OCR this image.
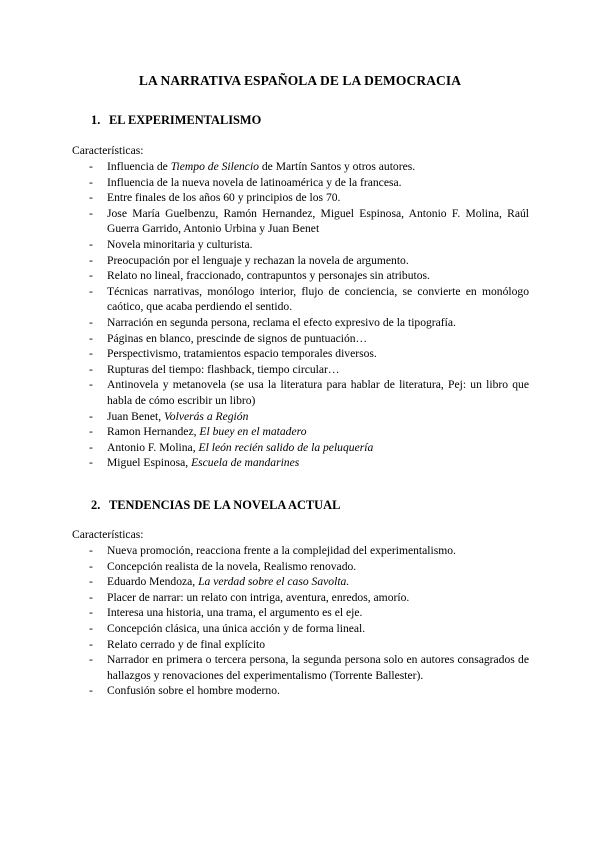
LA NARRATIVA ESPAÑOLA DE LA DEMOCRACIA
1. EL EXPERIMENTALISMO
Características:
- Influencia de Tiempo de Silencio de Martín Santos y otros autores.
- Influencia de la nueva novela de latinoamérica y de la francesa.
- Entre finales de los años 60 y principios de los 70.
- Jose María Guelbenzu, Ramón Hernandez, Miguel Espinosa, Antonio F. Molina, Raúl Guerra Garrido, Antonio Urbina y Juan Benet
- Novela minoritaria y culturista.
- Preocupación por el lenguaje y rechazan la novela de argumento.
- Relato no lineal, fraccionado, contrapuntos y personajes sin atributos.
- Técnicas narrativas, monólogo interior, flujo de conciencia, se convierte en monólogo caótico, que acaba perdiendo el sentido.
- Narración en segunda persona, reclama el efecto expresivo de la tipografía.
- Páginas en blanco, prescinde de signos de puntuación…
- Perspectivismo, tratamientos espacio temporales diversos.
- Rupturas del tiempo: flashback, tiempo circular…
- Antinovela y metanovela (se usa la literatura para hablar de literatura, Pej: un libro que habla de cómo escribir un libro)
- Juan Benet, Volverás a Región
- Ramon Hernandez, El buey en el matadero
- Antonio F. Molina, El león recién salido de la peluquería
- Miguel Espinosa, Escuela de mandarines
2. TENDENCIAS DE LA NOVELA ACTUAL
Características:
- Nueva promoción, reacciona frente a la complejidad del experimentalismo.
- Concepción realista de la novela, Realismo renovado.
- Eduardo Mendoza, La verdad sobre el caso Savolta.
- Placer de narrar: un relato con intriga, aventura, enredos, amorío.
- Interesa una historia, una trama, el argumento es el eje.
- Concepción clásica, una única acción y de forma lineal.
- Relato cerrado y de final explícito
- Narrador en primera o tercera persona, la segunda persona solo en autores consagrados de hallazgos y renovaciones del experimentalismo (Torrente Ballester).
- Confusión sobre el hombre moderno.
